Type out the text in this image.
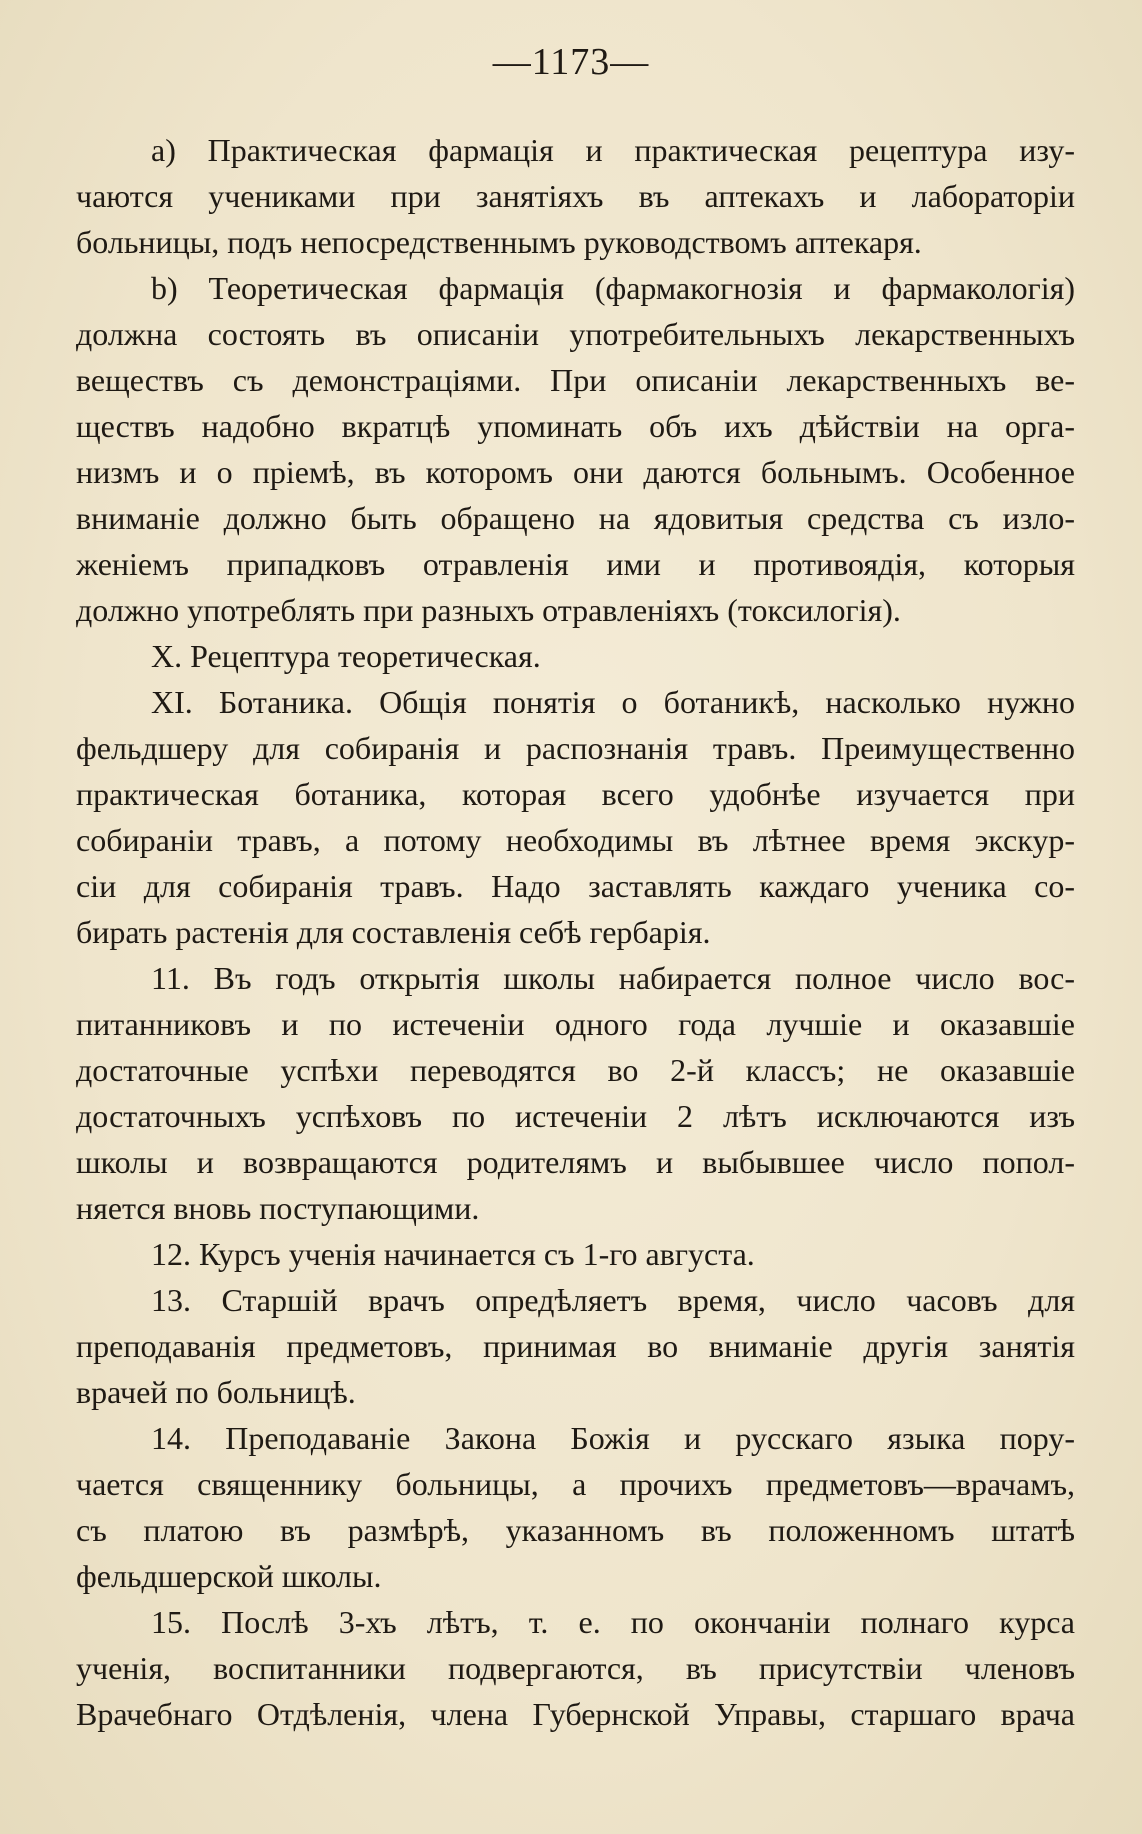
—1173—
a) Практическая фармація и практическая рецептура изу-
чаются учениками при занятіяхъ въ аптекахъ и лабораторіи
больницы, подъ непосредственнымъ руководствомъ аптекаря.
b) Теоретическая фармація (фармакогнозія и фармакологія)
должна состоять въ описаніи употребительныхъ лекарственныхъ
веществъ съ демонстраціями. При описаніи лекарственныхъ ве-
ществъ надобно вкратцѣ упоминать объ ихъ дѣйствіи на орга-
низмъ и о пріемѣ, въ которомъ они даются больнымъ. Особенное
вниманіе должно быть обращено на ядовитыя средства съ изло-
женіемъ припадковъ отравленія ими и противоядія, которыя
должно употреблять при разныхъ отравленіяхъ (токсилогія).
X. Рецептура теоретическая.
XI. Ботаника. Общія понятія о ботаникѣ, насколько нужно
фельдшеру для собиранія и распознанія травъ. Преимущественно
практическая ботаника, которая всего удобнѣе изучается при
собираніи травъ, а потому необходимы въ лѣтнее время экскур-
сіи для собиранія травъ. Надо заставлять каждаго ученика со-
бирать растенія для составленія себѣ гербарія.
11. Въ годъ открытія школы набирается полное число вос-
питанниковъ и по истеченіи одного года лучшіе и оказавшіе
достаточные успѣхи переводятся во 2-й классъ; не оказавшіе
достаточныхъ успѣховъ по истеченіи 2 лѣтъ исключаются изъ
школы и возвращаются родителямъ и выбывшее число попол-
няется вновь поступающими.
12. Курсъ ученія начинается съ 1-го августа.
13. Старшій врачъ опредѣляетъ время, число часовъ для
преподаванія предметовъ, принимая во вниманіе другія занятія
врачей по больницѣ.
14. Преподаваніе Закона Божія и русскаго языка пору-
чается священнику больницы, а прочихъ предметовъ—врачамъ,
съ платою въ размѣрѣ, указанномъ въ положенномъ штатѣ
фельдшерской школы.
15. Послѣ 3-хъ лѣтъ, т. е. по окончаніи полнаго курса
ученія, воспитанники подвергаются, въ присутствіи членовъ
Врачебнаго Отдѣленія, члена Губернской Управы, старшаго врача
